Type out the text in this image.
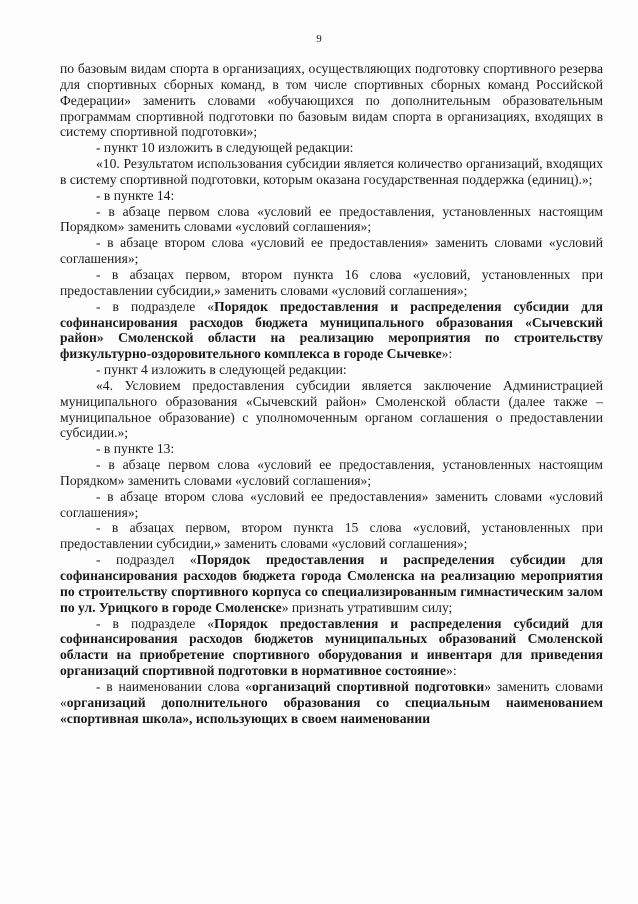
9

по базовым видам спорта в организациях, осуществляющих подготовку спортивного резерва для спортивных сборных команд, в том числе спортивных сборных команд Российской Федерации» заменить словами «обучающихся по дополнительным образовательным программам спортивной подготовки по базовым видам спорта в организациях, входящих в систему спортивной подготовки»;

- пункт 10 изложить в следующей редакции:

«10. Результатом использования субсидии является количество организаций, входящих в систему спортивной подготовки, которым оказана государственная поддержка (единиц).»;

- в пункте 14:

- в абзаце первом слова «условий ее предоставления, установленных настоящим Порядком» заменить словами «условий соглашения»;

- в абзаце втором слова «условий ее предоставления» заменить словами «условий соглашения»;

- в абзацах первом, втором пункта 16 слова «условий, установленных при предоставлении субсидии,» заменить словами «условий соглашения»;

- в подразделе «Порядок предоставления и распределения субсидии для софинансирования расходов бюджета муниципального образования «Сычевский район» Смоленской области на реализацию мероприятия по строительству физкультурно-оздоровительного комплекса в городе Сычевке»:

- пункт 4 изложить в следующей редакции:

«4. Условием предоставления субсидии является заключение Администрацией муниципального образования «Сычевский район» Смоленской области (далее также – муниципальное образование) с уполномоченным органом соглашения о предоставлении субсидии.»;

- в пункте 13:

- в абзаце первом слова «условий ее предоставления, установленных настоящим Порядком» заменить словами «условий соглашения»;

- в абзаце втором слова «условий ее предоставления» заменить словами «условий соглашения»;

- в абзацах первом, втором пункта 15 слова «условий, установленных при предоставлении субсидии,» заменить словами «условий соглашения»;

- подраздел «Порядок предоставления и распределения субсидии для софинансирования расходов бюджета города Смоленска на реализацию мероприятия по строительству спортивного корпуса со специализированным гимнастическим залом по ул. Урицкого в городе Смоленске» признать утратившим силу;

- в подразделе «Порядок предоставления и распределения субсидий для софинансирования расходов бюджетов муниципальных образований Смоленской области на приобретение спортивного оборудования и инвентаря для приведения организаций спортивной подготовки в нормативное состояние»:

- в наименовании слова «организаций спортивной подготовки» заменить словами «организаций дополнительного образования со специальным наименованием «спортивная школа», использующих в своем наименовании
